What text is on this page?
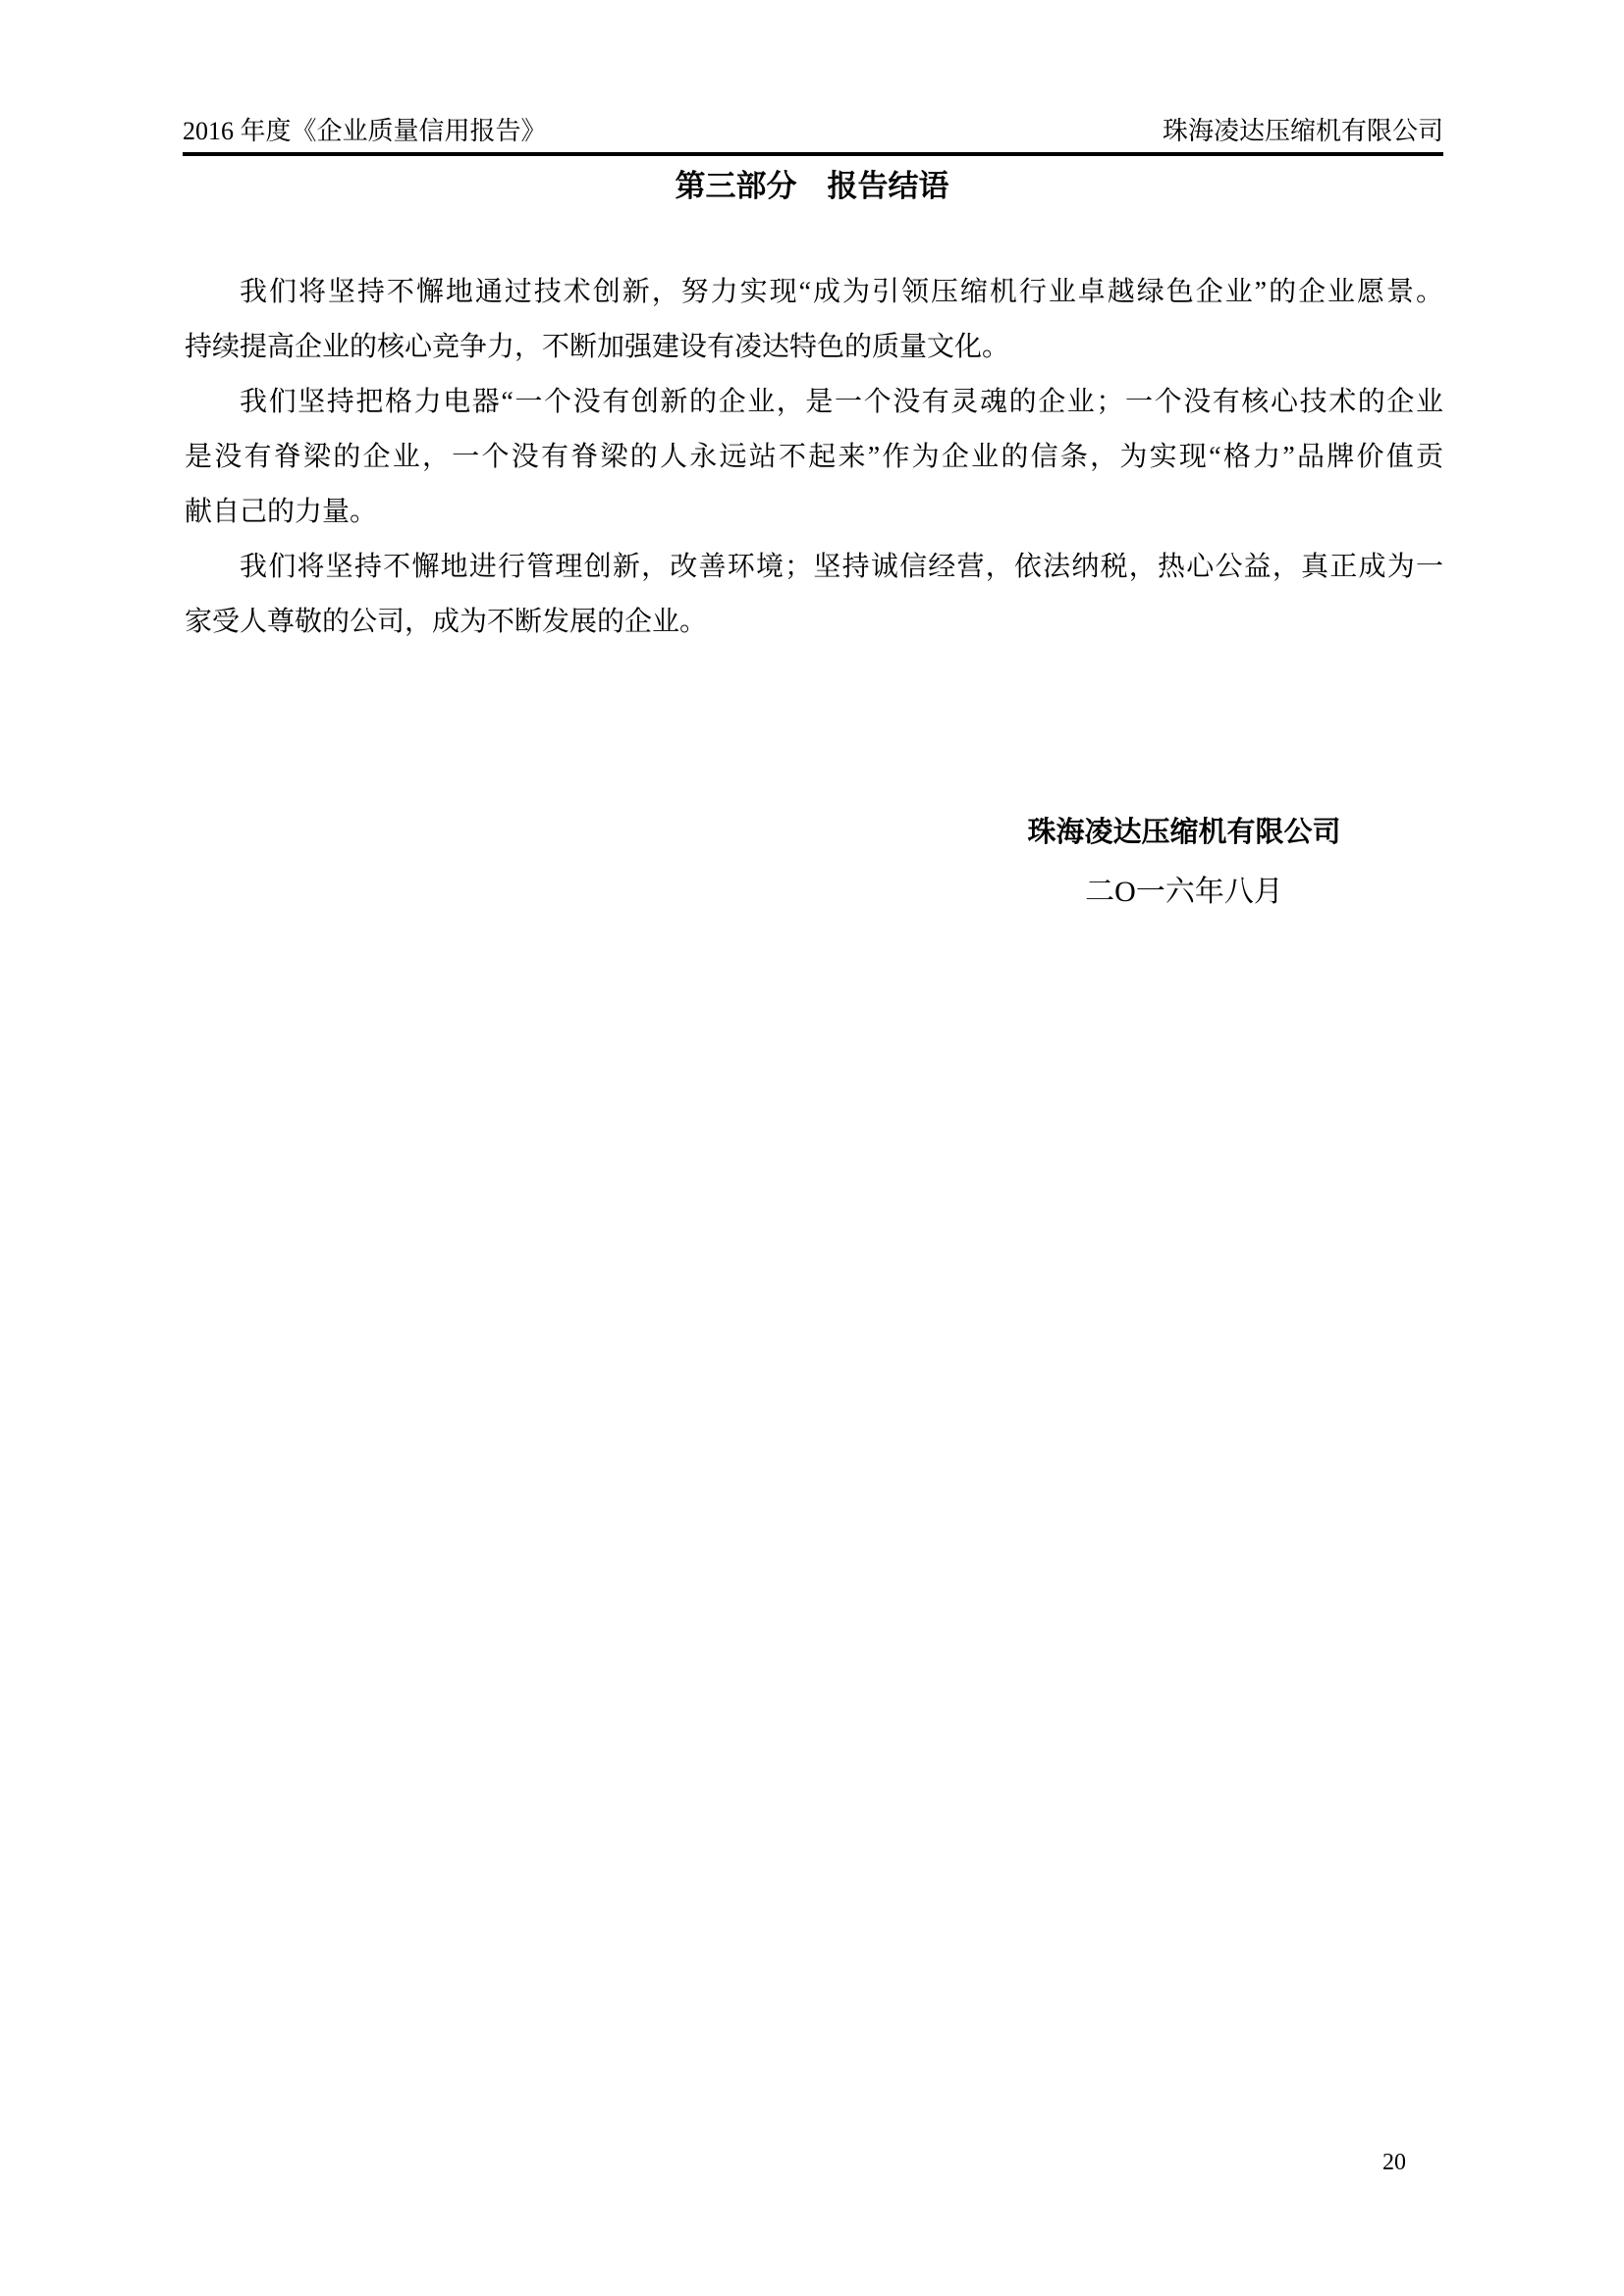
2016 年度《企业质量信用报告》	珠海凌达压缩机有限公司
第三部分　报告结语
我们将坚持不懈地通过技术创新，努力实现“成为引领压缩机行业卓越绿色企业”的企业愿景。
持续提高企业的核心竞争力，不断加强建设有凌达特色的质量文化。
我们坚持把格力电器“一个没有创新的企业，是一个没有灵魂的企业；一个没有核心技术的企业
是没有脊梁的企业，一个没有脊梁的人永远站不起来”作为企业的信条，为实现“格力”品牌价值贡
献自己的力量。
我们将坚持不懈地进行管理创新，改善环境；坚持诚信经营，依法纳税，热心公益，真正成为一
家受人尊敬的公司，成为不断发展的企业。
珠海凌达压缩机有限公司
二O一六年八月
20
